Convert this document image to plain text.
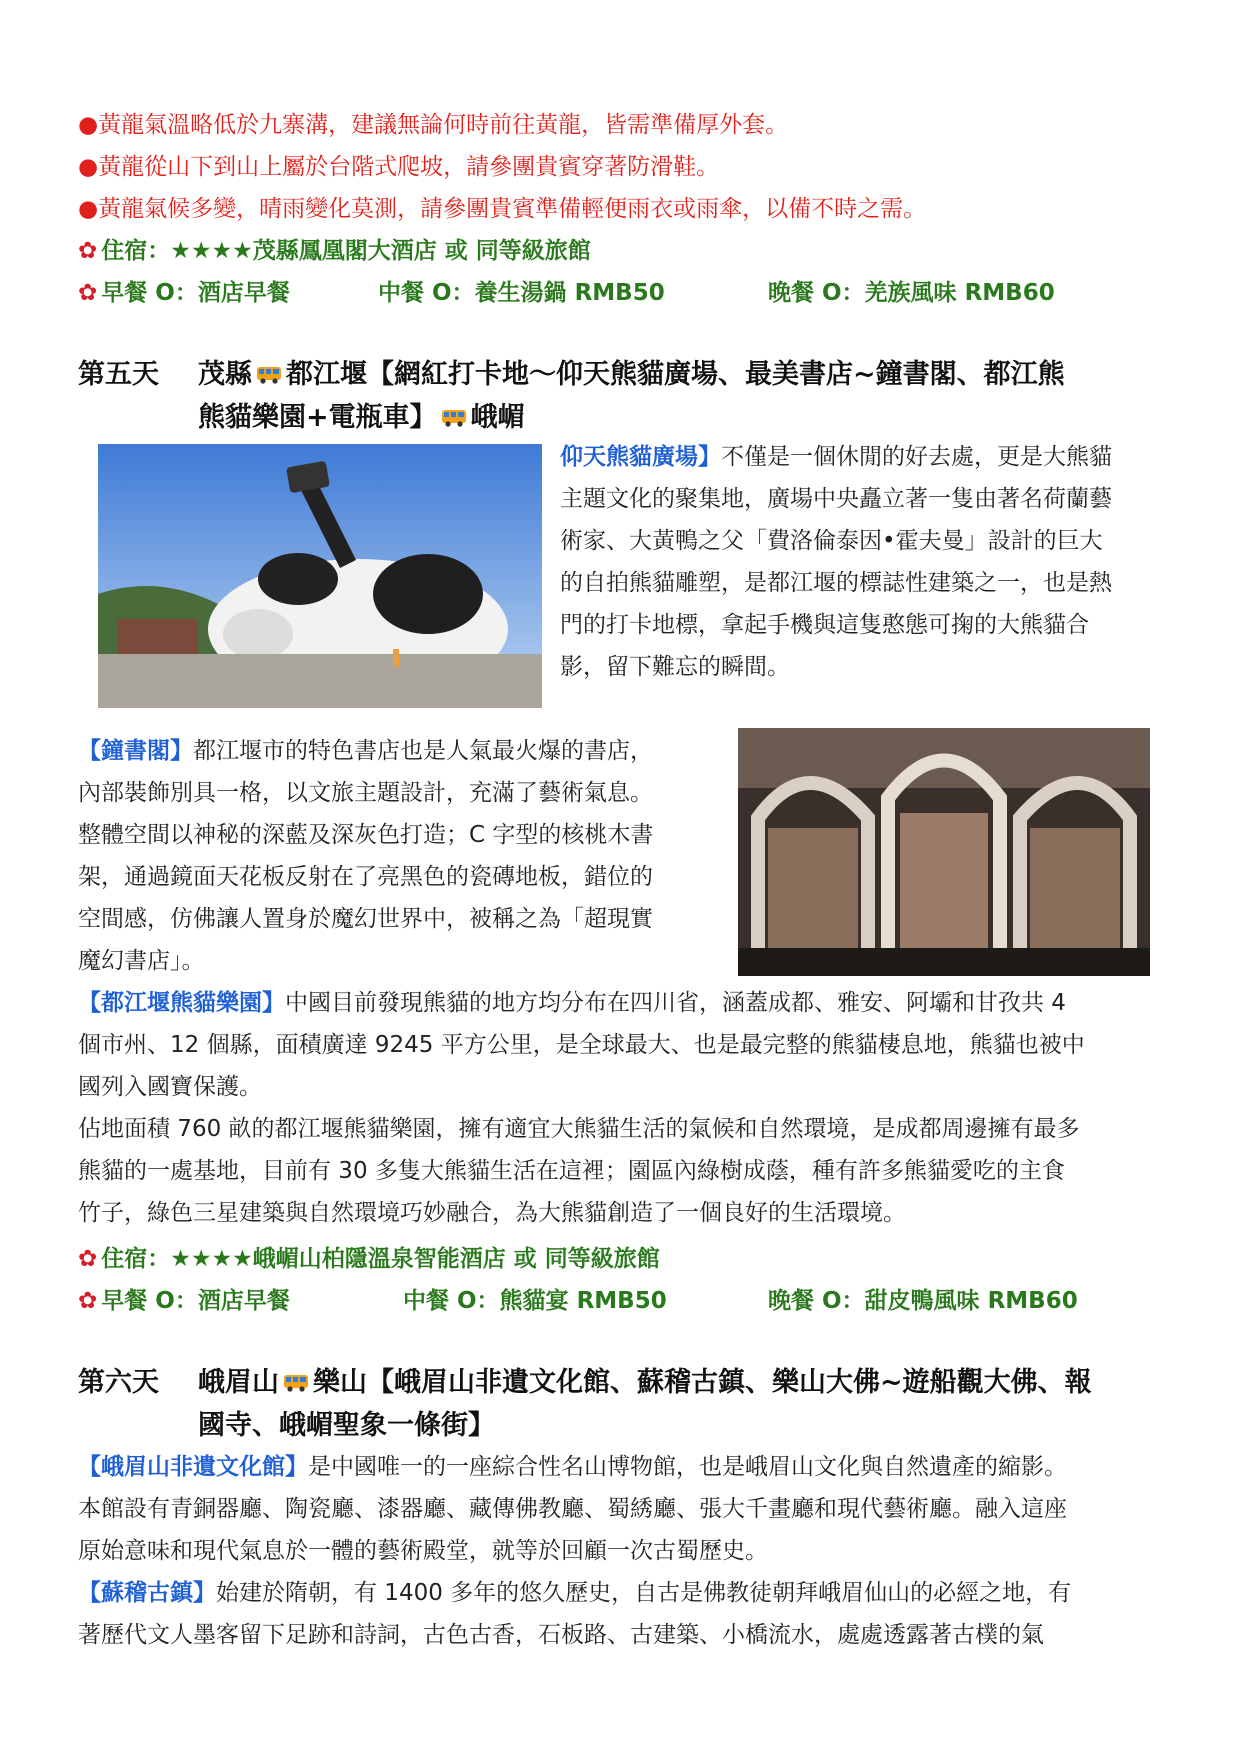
●黃龍氣溫略低於九寨溝，建議無論何時前往黃龍，皆需準備厚外套。
●黃龍從山下到山上屬於台階式爬坡，請參團貴賓穿著防滑鞋。
●黃龍氣候多變，晴雨變化莫測，請參團貴賓準備輕便雨衣或雨傘，以備不時之需。
✿ 住宿：★★★★茂縣鳳凰閣大酒店 或 同等級旅館
✿ 早餐 O：酒店早餐	中餐 O：養生湯鍋 RMB50	晚餐 O：羌族風味 RMB60
第五天 茂縣 都江堰【網紅打卡地～仰天熊貓廣場、最美書店~鐘書閣、都江熊
熊貓樂園+電瓶車】 峨嵋
仰天熊貓廣場】不僅是一個休閒的好去處，更是大熊貓
主題文化的聚集地，廣場中央矗立著一隻由著名荷蘭藝
術家、大黃鴨之父「費洛倫泰因•霍夫曼」設計的巨大
的自拍熊貓雕塑，是都江堰的標誌性建築之一，也是熱
門的打卡地標，拿起手機與這隻憨態可掬的大熊貓合
影，留下難忘的瞬間。
【鐘書閣】都江堰市的特色書店也是人氣最火爆的書店，
內部裝飾別具一格，以文旅主題設計，充滿了藝術氣息。
整體空間以神秘的深藍及深灰色打造；C 字型的核桃木書
架，通過鏡面天花板反射在了亮黑色的瓷磚地板，錯位的
空間感，仿佛讓人置身於魔幻世界中，被稱之為「超現實
魔幻書店」。
【都江堰熊貓樂園】中國目前發現熊貓的地方均分布在四川省，涵蓋成都、雅安、阿壩和甘孜共 4
個市州、12 個縣，面積廣達 9245 平方公里，是全球最大、也是最完整的熊貓棲息地，熊貓也被中
國列入國寶保護。
佔地面積 760 畝的都江堰熊貓樂園，擁有適宜大熊貓生活的氣候和自然環境，是成都周邊擁有最多
熊貓的一處基地，目前有 30 多隻大熊貓生活在這裡；園區內綠樹成蔭，種有許多熊貓愛吃的主食
竹子，綠色三星建築與自然環境巧妙融合，為大熊貓創造了一個良好的生活環境。
✿ 住宿：★★★★峨嵋山柏隱溫泉智能酒店 或 同等級旅館
✿ 早餐 O：酒店早餐	中餐 O：熊貓宴 RMB50	晚餐 O：甜皮鴨風味 RMB60
第六天 峨眉山 樂山【峨眉山非遺文化館、蘇稽古鎮、樂山大佛~遊船觀大佛、報
國寺、峨嵋聖象一條街】
【峨眉山非遺文化館】是中國唯一的一座綜合性名山博物館，也是峨眉山文化與自然遺產的縮影。
本館設有青銅器廳、陶瓷廳、漆器廳、藏傳佛教廳、蜀綉廳、張大千畫廳和現代藝術廳。融入這座
原始意味和現代氣息於一體的藝術殿堂，就等於回顧一次古蜀歷史。
【蘇稽古鎮】始建於隋朝，有 1400 多年的悠久歷史，自古是佛教徒朝拜峨眉仙山的必經之地，有
著歷代文人墨客留下足跡和詩詞，古色古香，石板路、古建築、小橋流水，處處透露著古樸的氣
